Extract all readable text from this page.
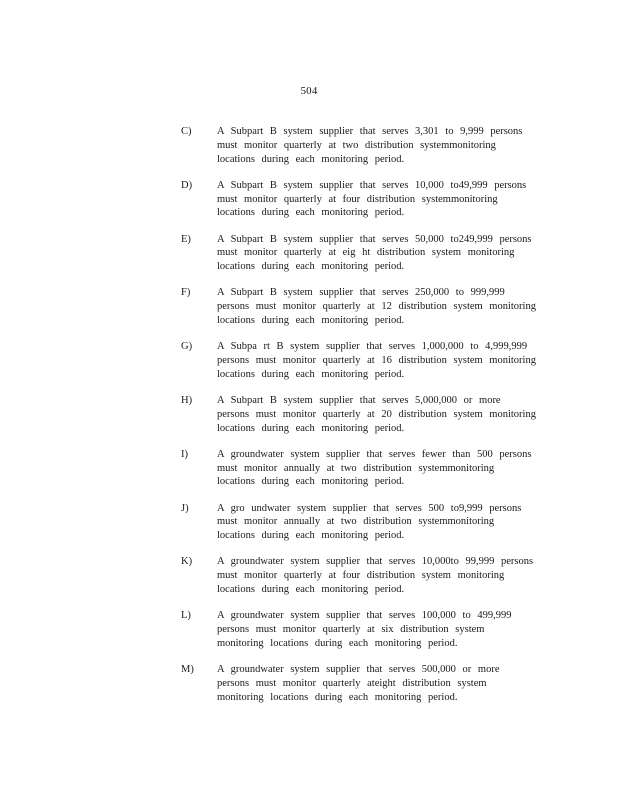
504
C)	A Subpart B system supplier that serves 3,301 to 9,999 persons must monitor quarterly at two distribution systemmonitoring locations during each monitoring period.
D)	A Subpart B system supplier that serves 10,000 to49,999 persons must monitor quarterly at four distribution systemmonitoring locations during each monitoring period.
E)	A Subpart B system supplier that serves 50,000 to249,999 persons must monitor quarterly at eig ht distribution system monitoring locations during each monitoring period.
F)	A Subpart B system supplier that serves 250,000 to 999,999 persons must monitor quarterly at 12 distribution system monitoring locations during each monitoring period.
G)	A Subpa rt B system supplier that serves 1,000,000 to 4,999,999 persons must monitor quarterly at 16 distribution system monitoring locations during each monitoring period.
H)	A Subpart B system supplier that serves 5,000,000 or more persons must monitor quarterly at 20 distribution system monitoring locations during each monitoring period.
I)	A groundwater system supplier that serves fewer than 500 persons must monitor annually at two distribution systemmonitoring locations during each monitoring period.
J)	A gro undwater system supplier that serves 500 to9,999 persons must monitor annually at two distribution systemmonitoring locations during each monitoring period.
K)	A groundwater system supplier that serves 10,000to 99,999 persons must monitor quarterly at four distribution system monitoring locations during each monitoring period.
L)	A groundwater system supplier that serves 100,000 to 499,999 persons must monitor quarterly at six distribution system monitoring locations during each monitoring period.
M)	A groundwater system supplier that serves 500,000 or more persons must monitor quarterly ateight distribution system monitoring locations during each monitoring period.
